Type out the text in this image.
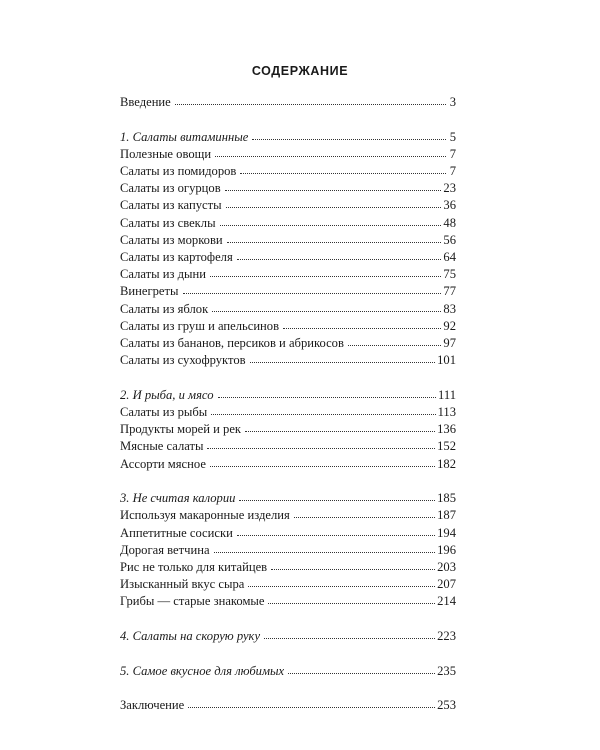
СОДЕРЖАНИЕ
Введение	3
1. Салаты витаминные	5
Полезные овощи	7
Салаты из помидоров	7
Салаты из огурцов	23
Салаты из капусты	36
Салаты из свеклы	48
Салаты из моркови	56
Салаты из картофеля	64
Салаты из дыни	75
Винегреты	77
Салаты из яблок	83
Салаты из груш и апельсинов	92
Салаты из бананов, персиков и абрикосов	97
Салаты из сухофруктов	101
2. И рыба, и мясо	111
Салаты из рыбы	113
Продукты морей и рек	136
Мясные салаты	152
Ассорти мясное	182
3. Не считая калории	185
Используя макаронные изделия	187
Аппетитные сосиски	194
Дорогая ветчина	196
Рис не только для китайцев	203
Изысканный вкус сыра	207
Грибы — старые знакомые	214
4. Салаты на скорую руку	223
5. Самое вкусное для любимых	235
Заключение	253
